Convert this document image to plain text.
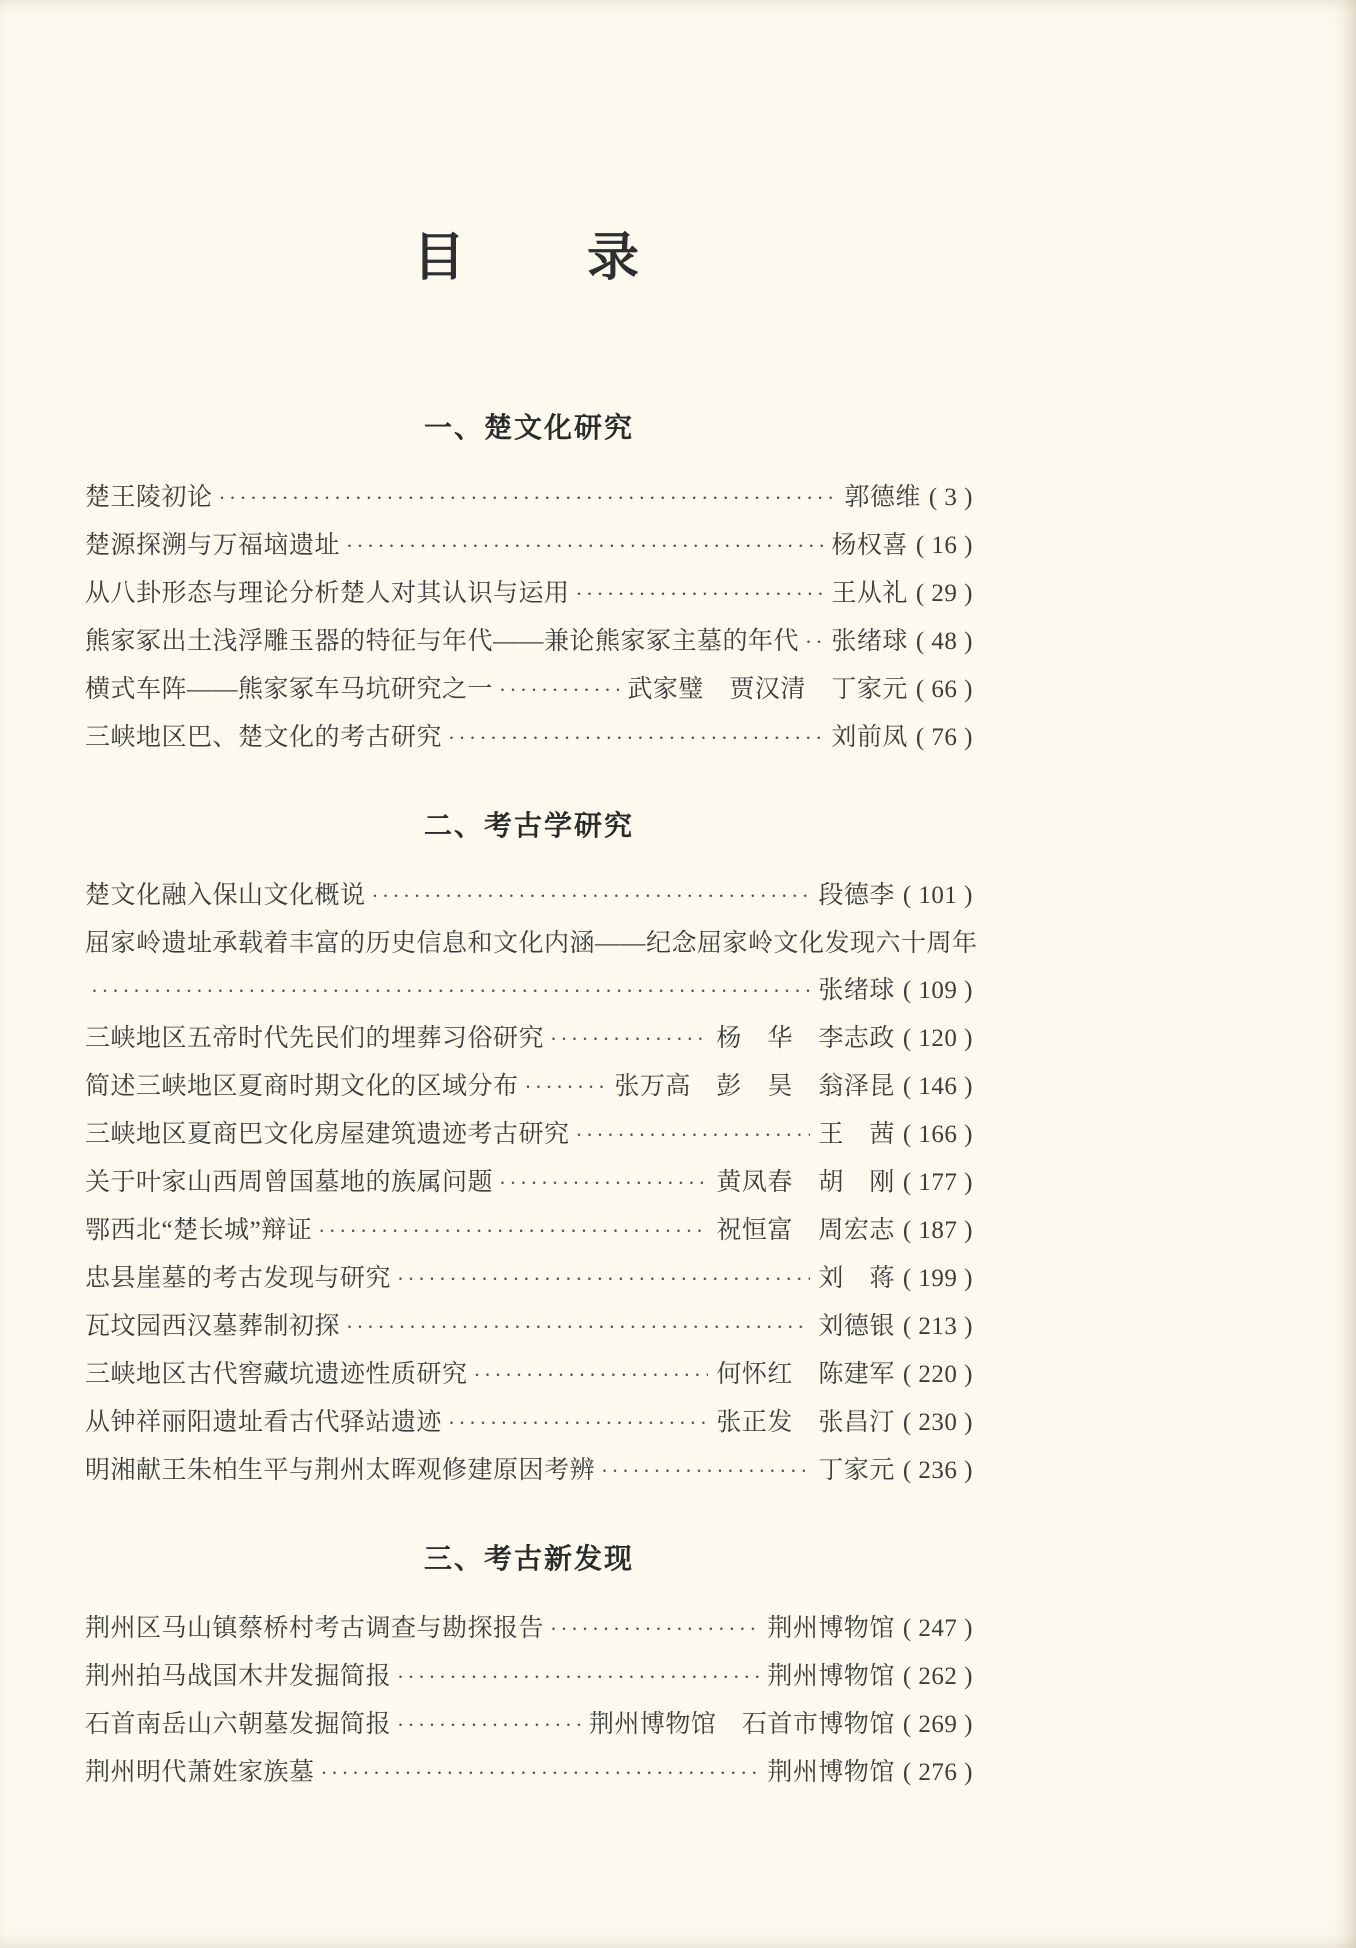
目　　录
一、楚文化研究
楚王陵初论 ·····	郭德维 ( 3 )
楚源探溯与万福垴遗址 ·····	杨权喜 ( 16 )
从八卦形态与理论分析楚人对其认识与运用 ·····	王从礼 ( 29 )
熊家冢出土浅浮雕玉器的特征与年代——兼论熊家冢主墓的年代 ····· 张绪球 ( 48 )
横式车阵——熊家冢车马坑研究之一 ·····	武家璧　贾汉清　丁家元 ( 66 )
三峡地区巴、楚文化的考古研究 ·····	刘前凤 ( 76 )
二、考古学研究
楚文化融入保山文化概说 ·····	段德李 ( 101 )
屈家岭遗址承载着丰富的历史信息和文化内涵——纪念屈家岭文化发现六十周年
·····
张绪球 ( 109 )
三峡地区五帝时代先民们的埋葬习俗研究 ·····	杨　华　李志政 ( 120 )
简述三峡地区夏商时期文化的区域分布 ·····	张万高　彭　昊　翁泽昆 ( 146 )
三峡地区夏商巴文化房屋建筑遗迹考古研究 ·····	王　茜 ( 166 )
关于叶家山西周曾国墓地的族属问题 ·····	黄凤春　胡　刚 ( 177 )
鄂西北“楚长城”辩证 ·····	祝恒富　周宏志 ( 187 )
忠县崖墓的考古发现与研究 ·····	刘　蒋 ( 199 )
瓦坟园西汉墓葬制初探 ·····	刘德银 ( 213 )
三峡地区古代窖藏坑遗迹性质研究 ·····	何怀红　陈建军 ( 220 )
从钟祥丽阳遗址看古代驿站遗迹 ·····	张正发　张昌汀 ( 230 )
明湘献王朱柏生平与荆州太晖观修建原因考辨 ·····	丁家元 ( 236 )
三、考古新发现
荆州区马山镇蔡桥村考古调查与勘探报告 ·····	荆州博物馆 ( 247 )
荆州拍马战国木井发掘简报 ·····	荆州博物馆 ( 262 )
石首南岳山六朝墓发掘简报 ·····	荆州博物馆　石首市博物馆 ( 269 )
荆州明代萧姓家族墓 ·····	荆州博物馆 ( 276 )
